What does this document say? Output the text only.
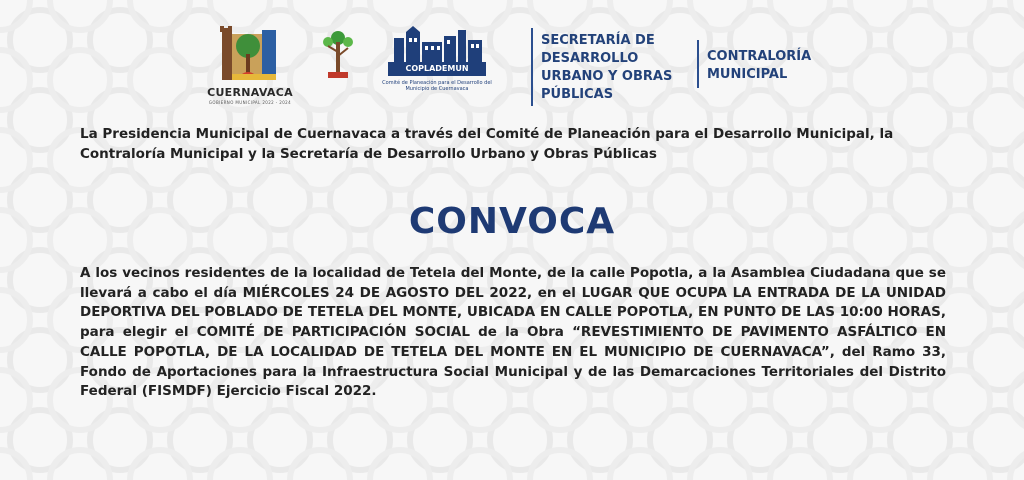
CUERNAVACA
GOBIERNO MUNICIPAL 2022 - 2024
COPLADEMUN
Comité de Planeación para el Desarrollo del Municipio de Cuernavaca
SECRETARÍA DE DESARROLLO URBANO Y OBRAS PÚBLICAS
CONTRALORÍA MUNICIPAL
La Presidencia Municipal de Cuernavaca a través del Comité de Planeación para el Desarrollo Municipal, la Contraloría Municipal y la Secretaría de Desarrollo Urbano y Obras Públicas
CONVOCA
A los vecinos residentes de la localidad de Tetela del Monte, de la calle Popotla, a la Asamblea Ciudadana que se llevará a cabo el día MIÉRCOLES 24 DE AGOSTO DEL 2022, en el LUGAR QUE OCUPA LA ENTRADA DE LA UNIDAD DEPORTIVA DEL POBLADO DE TETELA DEL MONTE, UBICADA EN CALLE POPOTLA, EN PUNTO DE LAS 10:00 HORAS, para elegir el COMITÉ DE PARTICIPACIÓN SOCIAL de la Obra “REVESTIMIENTO DE PAVIMENTO ASFÁLTICO EN CALLE POPOTLA, DE LA LOCALIDAD DE TETELA DEL MONTE EN EL MUNICIPIO DE CUERNAVACA”, del Ramo 33, Fondo de Aportaciones para la Infraestructura Social Municipal y de las Demarcaciones Territoriales del Distrito Federal (FISMDF) Ejercicio Fiscal 2022.
